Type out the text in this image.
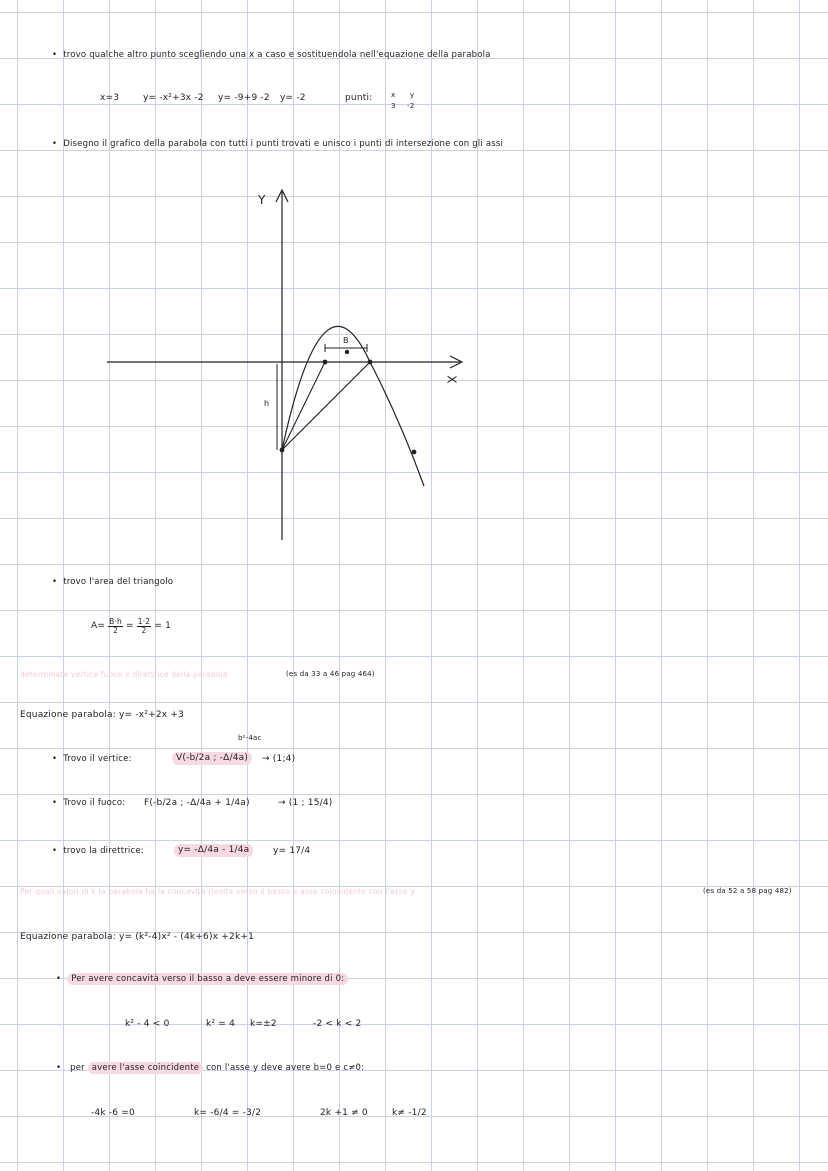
• trovo qualche altro punto scegliendo una x a caso e sostituendola nell'equazione della parabola
x=3	y= -x²+3x -2 y= -9+9 -2 y= -2	punti:	x y
3 -2
• Disegno il grafico della parabola con tutti i punti trovati e unisco i punti di intersezione con gli assi
Y
X
B
h
• trovo l'area del triangolo
$A= \frac{B\cdot h}{2} = \frac{1\cdot 2}{2} = 1$
determinate vertice fuoco e direttrice della parabola	(es da 33 a 46 pag 464)
Equazione parabola: y= -x²+2x +3
b²-4ac
• Trovo il vertice:	V(-b/2a ; -Δ/4a)	→ (1;4)
• Trovo il fuoco: F(-b/2a ; -Δ/4a + 1/4a)	→ (1 ; 15/4)
• trovo la direttrice:	y= -Δ/4a - 1/4a	y= 17/4
Per quali valori di k la parabola ha la concavità rivolta verso il basso e asse coincidente con l'asse y	(es da 52 a 58 pag 482)
Equazione parabola: y= (k²-4)x² - (4k+6)x +2k+1
• Per avere concavità verso il basso a deve essere minore di 0:
k² - 4 < 0	k² = 4 k=±2	-2 < k < 2
• per avere l'asse coincidente con l'asse y deve avere b=0 e c≠0:
-4k -6 =0	k= -6/4 = -3/2	2k +1 ≠ 0	k≠ -1/2
